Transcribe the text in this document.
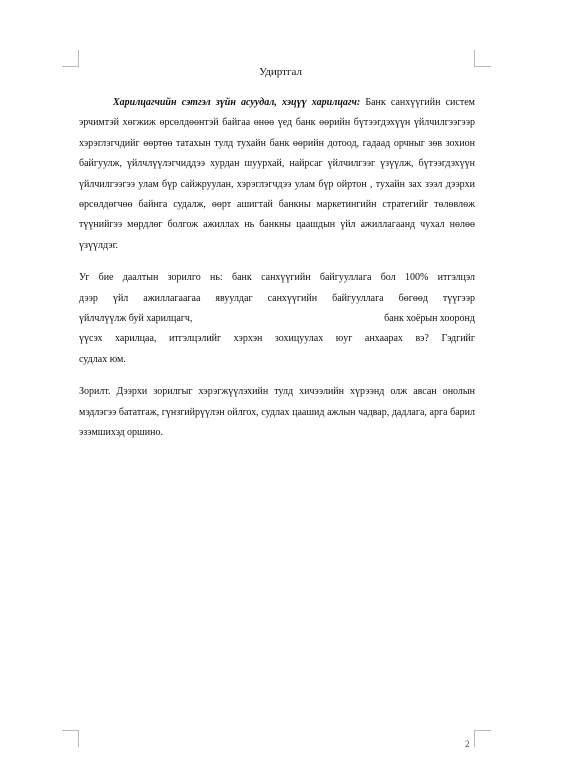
Удиртгал

Харилцагчийн сэтгэл зүйн асуудал, хэцүү харилцагч: Банк санхүүгийн систем эрчимтэй хөгжиж өрсөлдөөнтэй байгаа өнөө үед банк өөрийн бүтээгдэхүүн үйлчилгээгээр хэрэглэгчдийг өөртөө татахын тулд тухайн банк өөрийн дотоод, гадаад орчныг зөв зохион байгуулж, үйлчлүүлэгчиддээ хурдан шуурхай, найрсаг үйлчилгээг үзүүлж, бүтээгдэхүүн үйлчилгээгээ улам бүр сайжруулан, хэрэглэгчдээ улам бүр ойртон , тухайн зах зээл дээрхи өрсөлдөгчөө байнга судалж, өөрт ашигтай банкны маркетингийн стратегийг төлөвлөж түүнийгээ мөрдлөг болгож ажиллах нь банкны цаашдын үйл ажиллагаанд чухал нөлөө үзүүлдэг.

Уг бие даалтын зорилго нь: банк санхүүгийн байгууллага бол 100% итгэлцэл
дээр үйл ажиллагаагаа явуулдаг санхүүгийн байгууллага бөгөөд түүгээр
үйлчлүүлж буй харилцагч,	банк хоёрын хооронд
үүсэх харилцаа, итгэлцэлийг хэрхэн зохицуулах юуг анхаарах вэ? Гэдгийг
судлах юм.

Зорилт. Дээрхи зорилгыг хэрэгжүүлэхийн тулд хичээлийн хүрээнд олж авсан онолын мэдлэгээ бататгаж, гүнзгийрүүлэн ойлгох, судлах цаашид ажлын чадвар, дадлага, арга барил эзэмшихэд оршино.

2
